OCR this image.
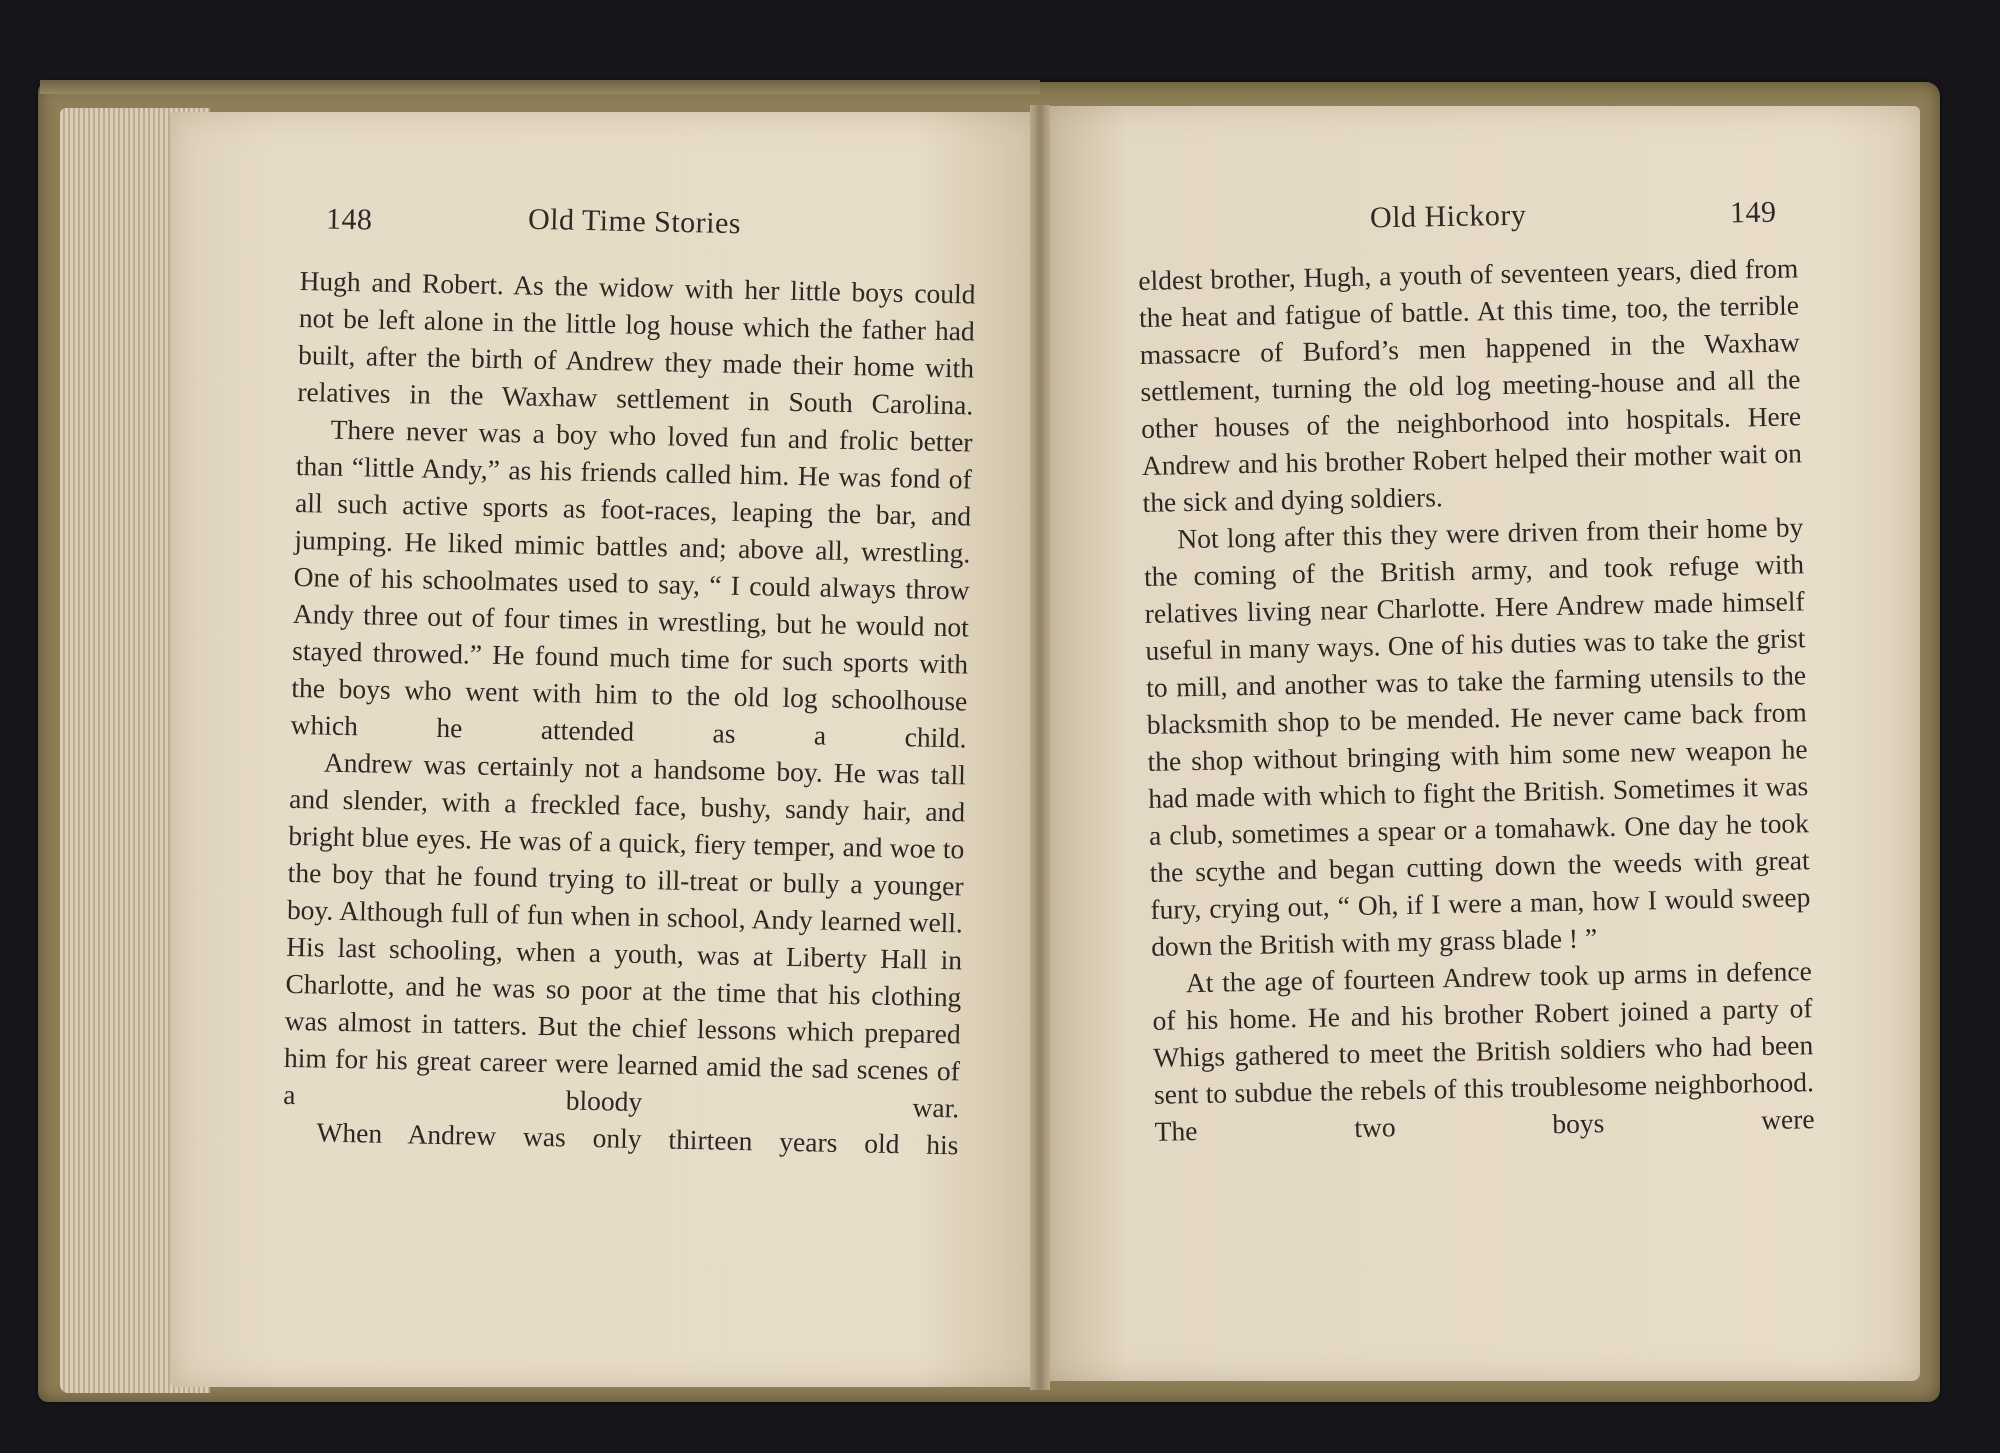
148	Old Time Stories

Hugh and Robert. As the widow with her little boys could not be left alone in the little log house which the father had built, after the birth of Andrew they made their home with relatives in the Waxhaw settlement in South Carolina.

There never was a boy who loved fun and frolic better than “little Andy,” as his friends called him. He was fond of all such active sports as foot-races, leaping the bar, and jumping. He liked mimic battles and; above all, wrestling. One of his schoolmates used to say, “ I could always throw Andy three out of four times in wrestling, but he would not stayed throwed.” He found much time for such sports with the boys who went with him to the old log schoolhouse which he attended as a child.

Andrew was certainly not a handsome boy. He was tall and slender, with a freckled face, bushy, sandy hair, and bright blue eyes. He was of a quick, fiery temper, and woe to the boy that he found trying to ill-treat or bully a younger boy. Although full of fun when in school, Andy learned well. His last schooling, when a youth, was at Liberty Hall in Charlotte, and he was so poor at the time that his clothing was almost in tatters. But the chief lessons which prepared him for his great career were learned amid the sad scenes of a bloody war.

When Andrew was only thirteen years old his

Old Hickory	149

eldest brother, Hugh, a youth of seventeen years, died from the heat and fatigue of battle. At this time, too, the terrible massacre of Buford’s men happened in the Waxhaw settlement, turning the old log meeting-house and all the other houses of the neighborhood into hospitals. Here Andrew and his brother Robert helped their mother wait on the sick and dying soldiers.

Not long after this they were driven from their home by the coming of the British army, and took refuge with relatives living near Charlotte. Here Andrew made himself useful in many ways. One of his duties was to take the grist to mill, and another was to take the farming utensils to the blacksmith shop to be mended. He never came back from the shop without bringing with him some new weapon he had made with which to fight the British. Sometimes it was a club, sometimes a spear or a tomahawk. One day he took the scythe and began cutting down the weeds with great fury, crying out, “ Oh, if I were a man, how I would sweep down the British with my grass blade ! ”

At the age of fourteen Andrew took up arms in defence of his home. He and his brother Robert joined a party of Whigs gathered to meet the British soldiers who had been sent to subdue the rebels of this troublesome neighborhood. The two boys were
